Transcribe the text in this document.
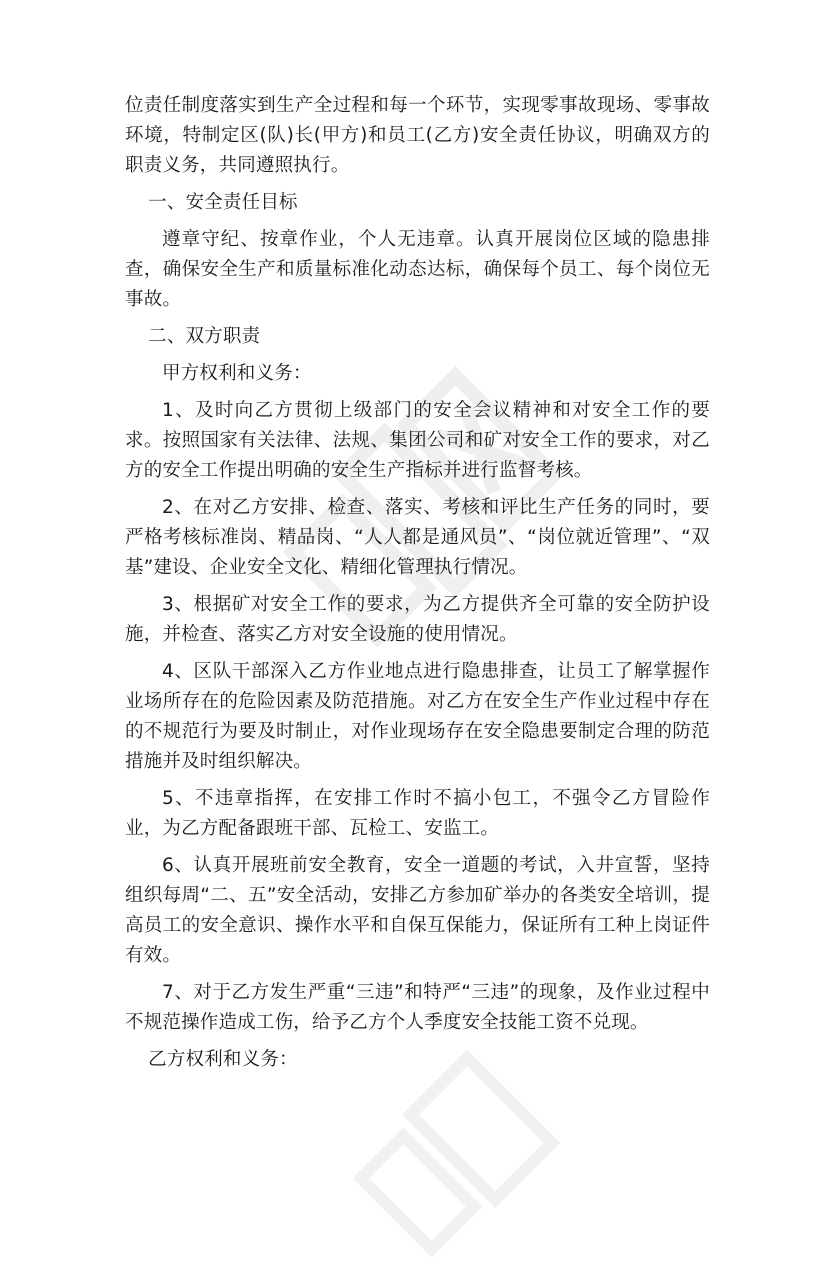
位责任制度落实到生产全过程和每一个环节，实现零事故现场、零事故环境，特制定区(队)长(甲方)和员工(乙方)安全责任协议，明确双方的职责义务，共同遵照执行。

一、安全责任目标

遵章守纪、按章作业，个人无违章。认真开展岗位区域的隐患排查，确保安全生产和质量标准化动态达标，确保每个员工、每个岗位无事故。

二、双方职责

甲方权利和义务：

1、及时向乙方贯彻上级部门的安全会议精神和对安全工作的要求。按照国家有关法律、法规、集团公司和矿对安全工作的要求，对乙方的安全工作提出明确的安全生产指标并进行监督考核。

2、在对乙方安排、检查、落实、考核和评比生产任务的同时，要严格考核标准岗、精品岗、“人人都是通风员”、“岗位就近管理”、“双基”建设、企业安全文化、精细化管理执行情况。

3、根据矿对安全工作的要求，为乙方提供齐全可靠的安全防护设施，并检查、落实乙方对安全设施的使用情况。

4、区队干部深入乙方作业地点进行隐患排查，让员工了解掌握作业场所存在的危险因素及防范措施。对乙方在安全生产作业过程中存在的不规范行为要及时制止，对作业现场存在安全隐患要制定合理的防范措施并及时组织解决。

5、不违章指挥，在安排工作时不搞小包工，不强令乙方冒险作业，为乙方配备跟班干部、瓦检工、安监工。

6、认真开展班前安全教育，安全一道题的考试，入井宣誓，坚持组织每周“二、五”安全活动，安排乙方参加矿举办的各类安全培训，提高员工的安全意识、操作水平和自保互保能力，保证所有工种上岗证件有效。

7、对于乙方发生严重“三违”和特严“三违”的现象，及作业过程中不规范操作造成工伤，给予乙方个人季度安全技能工资不兑现。

乙方权利和义务：
